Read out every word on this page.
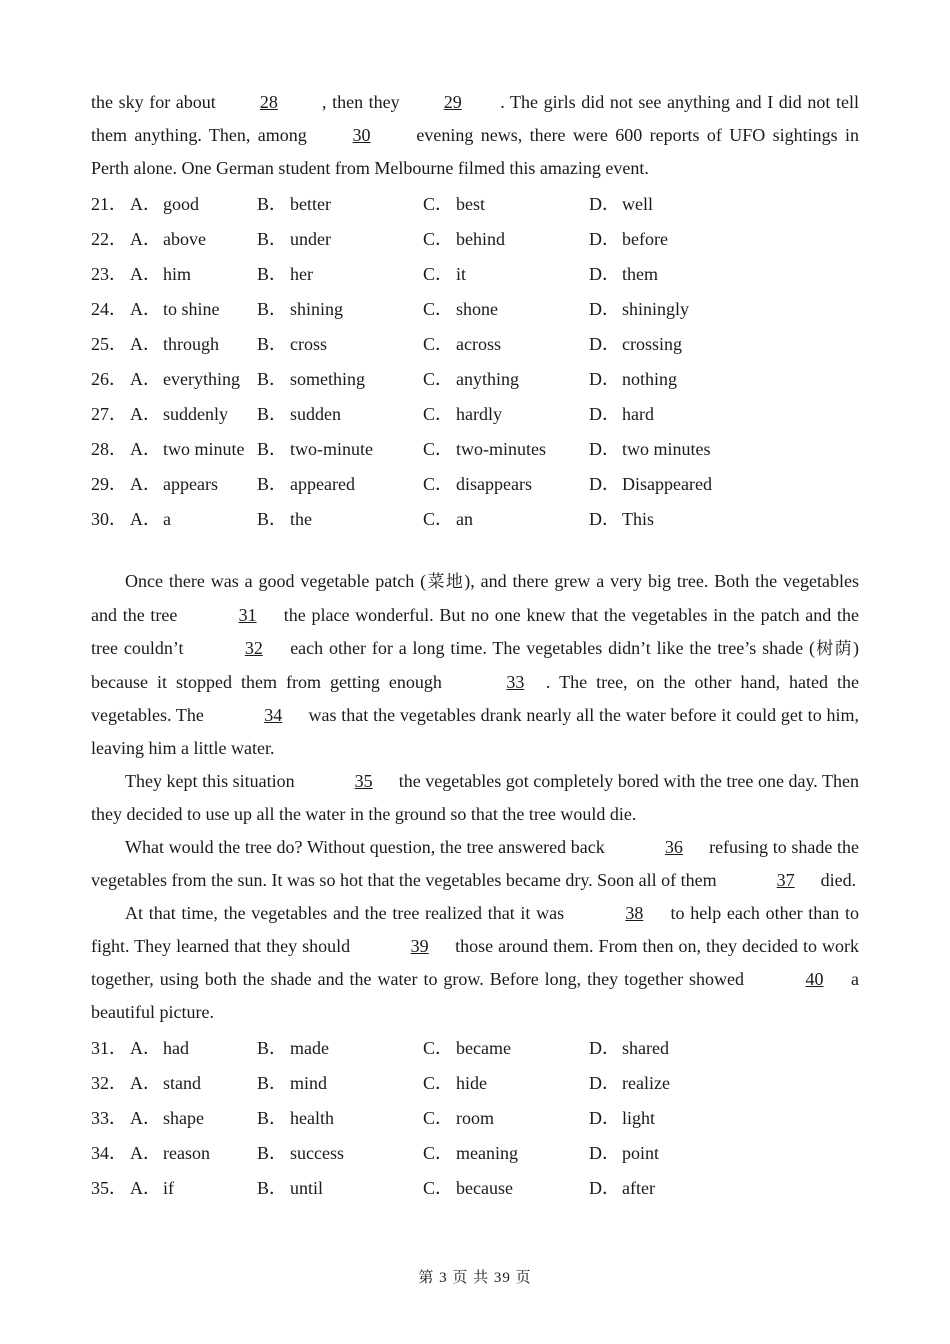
the sky for about 28 , then they 29 . The girls did not see anything and I did not tell them anything. Then, among 30 evening news, there were 600 reports of UFO sightings in Perth alone. One German student from Melbourne filmed this amazing event.

21． A． good	B． better	C． best	D． well
22． A． above	B． under	C． behind	D． before
23． A． him	B． her	C． it	D． them
24． A． to shine	B． shining	C． shone	D． shiningly
25． A． through	B． cross	C． across	D． crossing
26． A． everything B． something	C． anything	D． nothing
27． A． suddenly	B． sudden	C． hardly	D． hard
28． A． two minute B． two-minute	C． two-minutes	D． two minutes
29． A． appears	B． appeared	C． disappears	D． Disappeared
30． A． a	B． the	C． an	D． This

Once there was a good vegetable patch (菜地), and there grew a very big tree. Both the vegetables and the tree	31 the place wonderful. But no one knew that the vegetables in the patch and the tree couldn’t	32 each other for a long time. The vegetables didn’t like the tree’s shade (树荫) because it stopped them from getting enough	33 . The tree, on the other hand, hated the vegetables. The	34 was that the vegetables drank nearly all the water before it could get to him, leaving him a little water.

They kept this situation	35 the vegetables got completely bored with the tree one day. Then they decided to use up all the water in the ground so that the tree would die.

What would the tree do? Without question, the tree answered back	36 refusing to shade the vegetables from the sun. It was so hot that the vegetables became dry. Soon all of them	37 died.

At that time, the vegetables and the tree realized that it was	38 to help each other than to fight. They learned that they should	39 those around them. From then on, they decided to work together, using both the shade and the water to grow. Before long, they together showed	40 a beautiful picture.

31． A． had	B． made	C． became	D． shared
32． A． stand	B． mind	C． hide	D． realize
33． A． shape	B． health	C． room	D． light
34． A． reason	B． success	C． meaning	D． point
35． A． if	B． until	C． because	D． after
第 3 页 共 39 页
